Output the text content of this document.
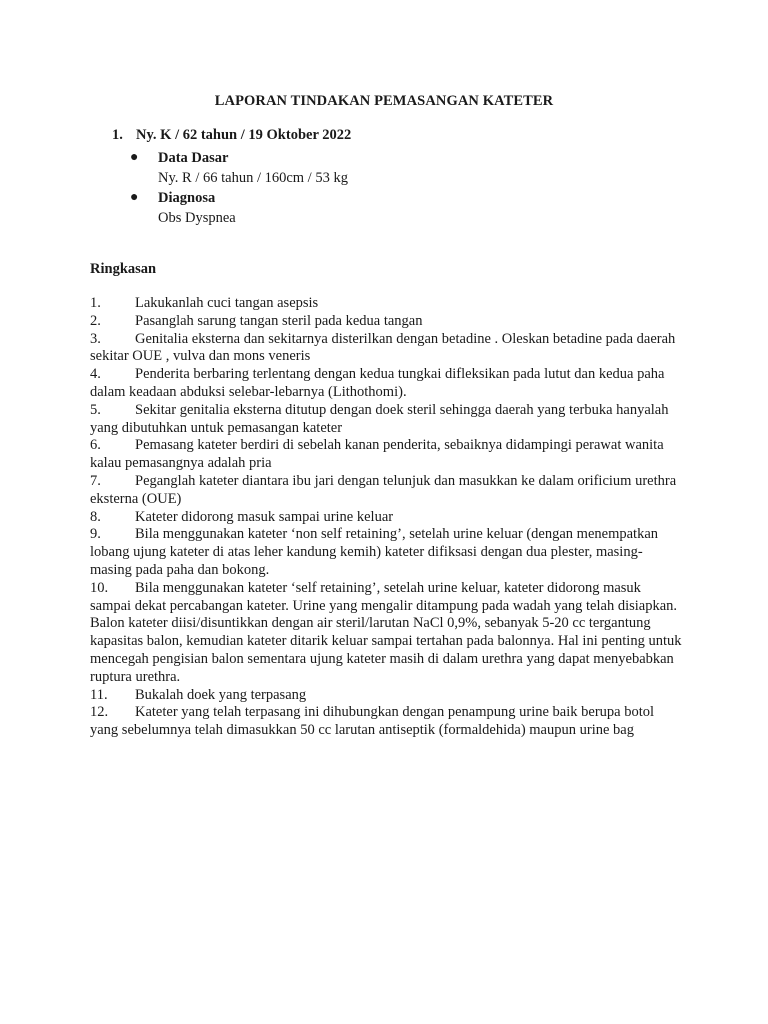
LAPORAN TINDAKAN PEMASANGAN KATETER
1. Ny. K / 62 tahun / 19 Oktober 2022
● Data Dasar
Ny. R / 66 tahun / 160cm / 53 kg
● Diagnosa
Obs Dyspnea
Ringkasan

1. Lakukanlah cuci tangan asepsis

2. Pasanglah sarung tangan steril pada kedua tangan

3. Genitalia eksterna dan sekitarnya disterilkan dengan betadine . Oleskan betadine pada daerah sekitar OUE , vulva dan mons veneris

4. Penderita berbaring terlentang dengan kedua tungkai difleksikan pada lutut dan kedua paha dalam keadaan abduksi selebar-lebarnya (Lithothomi).

5. Sekitar genitalia eksterna ditutup dengan doek steril sehingga daerah yang terbuka hanyalah yang dibutuhkan untuk pemasangan kateter

6. Pemasang kateter berdiri di sebelah kanan penderita, sebaiknya didampingi perawat wanita kalau pemasangnya adalah pria

7. Peganglah kateter diantara ibu jari dengan telunjuk dan masukkan ke dalam orificium urethra eksterna (OUE)

8. Kateter didorong masuk sampai urine keluar

9. Bila menggunakan kateter ‘non self retaining’, setelah urine keluar (dengan menempatkan lobang ujung kateter di atas leher kandung kemih) kateter difiksasi dengan dua plester, masing-masing pada paha dan bokong.

10. Bila menggunakan kateter ‘self retaining’, setelah urine keluar, kateter didorong masuk sampai dekat percabangan kateter. Urine yang mengalir ditampung pada wadah yang telah disiapkan. Balon kateter diisi/disuntikkan dengan air steril/larutan NaCl 0,9%, sebanyak 5-20 cc tergantung kapasitas balon, kemudian kateter ditarik keluar sampai tertahan pada balonnya. Hal ini penting untuk mencegah pengisian balon sementara ujung kateter masih di dalam urethra yang dapat menyebabkan ruptura urethra.

11. Bukalah doek yang terpasang

12. Kateter yang telah terpasang ini dihubungkan dengan penampung urine baik berupa botol yang sebelumnya telah dimasukkan 50 cc larutan antiseptik (formaldehida) maupun urine bag
